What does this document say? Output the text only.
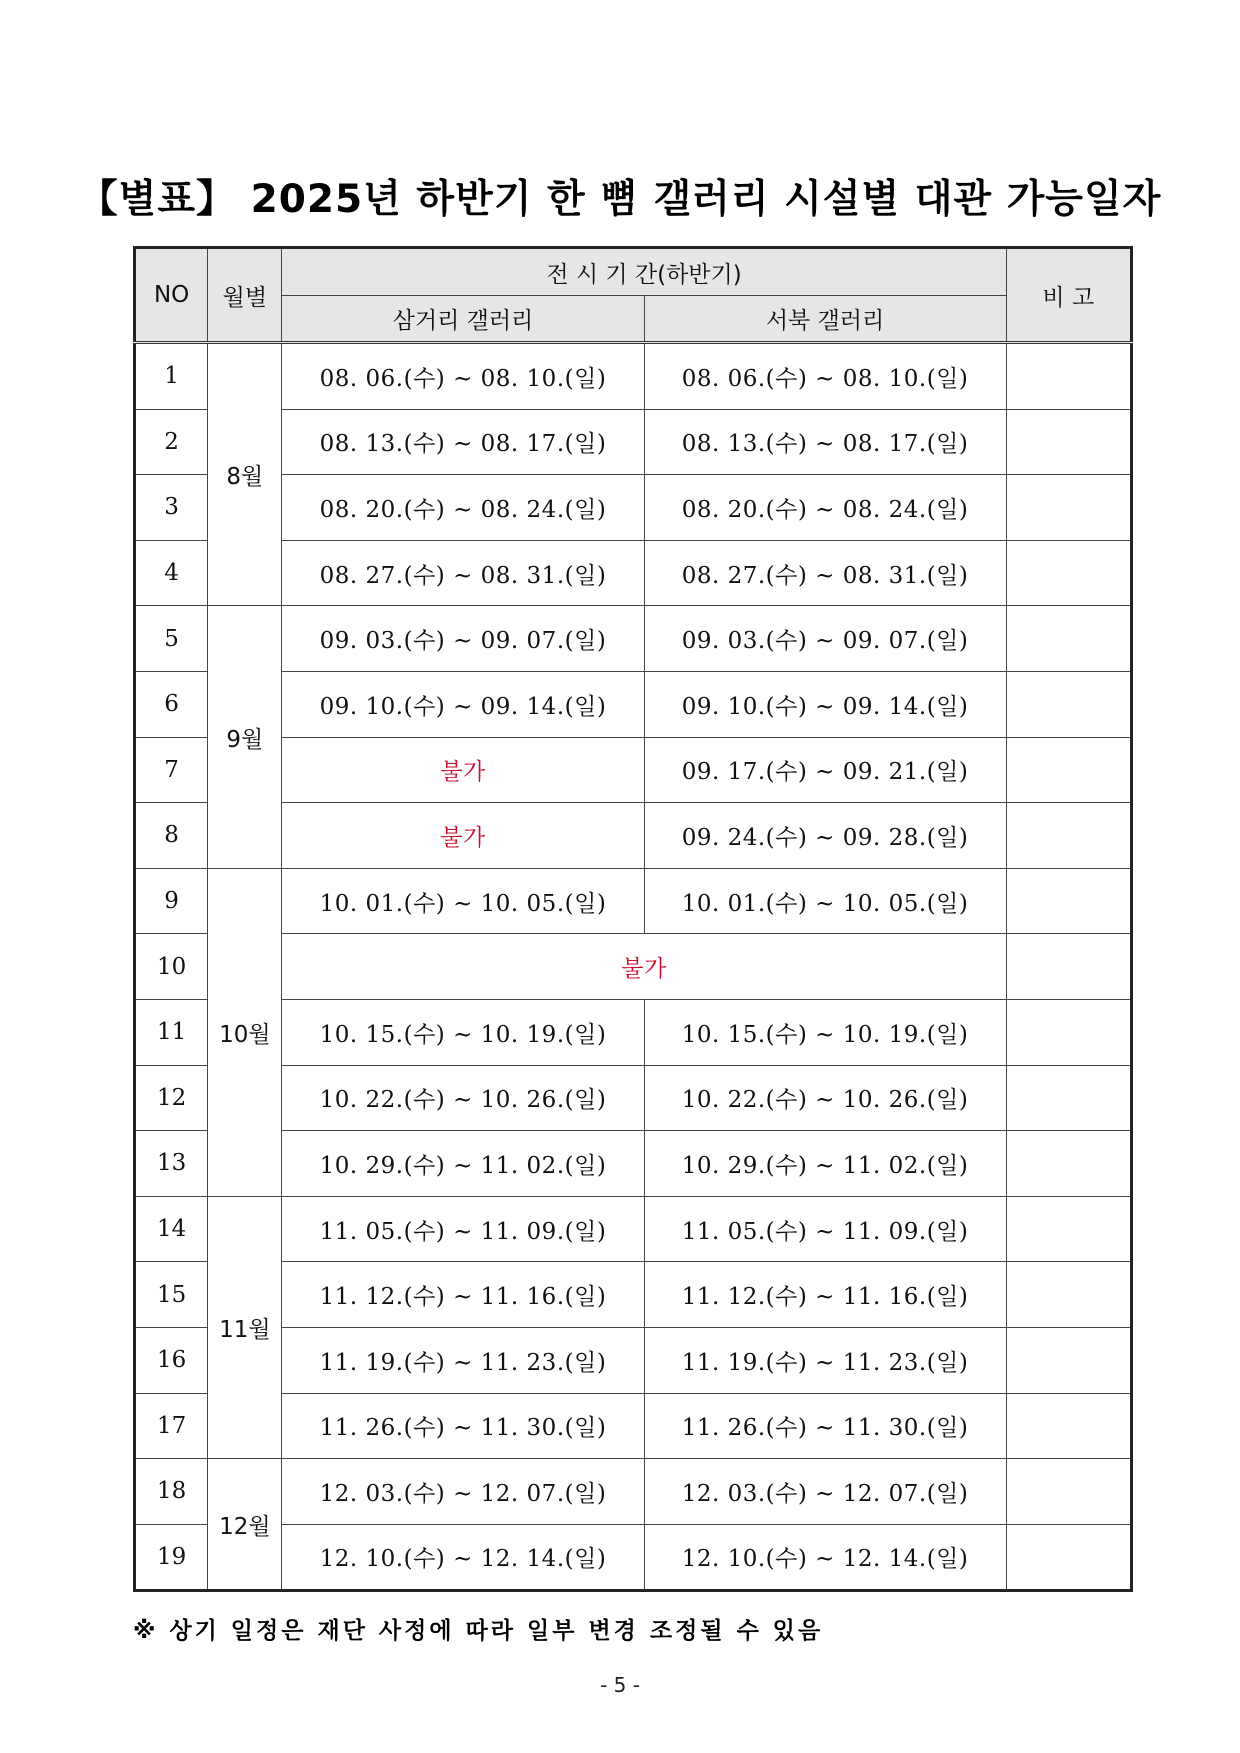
【별표】 2025년 하반기 한 뼘 갤러리 시설별 대관 가능일자
NO	월별	전 시 기 간(하반기)		비 고
		삼거리 갤러리	서북 갤러리	
1	8월	08. 06.(수) ~ 08. 10.(일)	08. 06.(수) ~ 08. 10.(일)	
2		08. 13.(수) ~ 08. 17.(일)	08. 13.(수) ~ 08. 17.(일)	
3		08. 20.(수) ~ 08. 24.(일)	08. 20.(수) ~ 08. 24.(일)	
4		08. 27.(수) ~ 08. 31.(일)	08. 27.(수) ~ 08. 31.(일)	
5	9월	09. 03.(수) ~ 09. 07.(일)	09. 03.(수) ~ 09. 07.(일)	
6		09. 10.(수) ~ 09. 14.(일)	09. 10.(수) ~ 09. 14.(일)	
7		불가	09. 17.(수) ~ 09. 21.(일)	
8		불가	09. 24.(수) ~ 09. 28.(일)	
9	10월	10. 01.(수) ~ 10. 05.(일)	10. 01.(수) ~ 10. 05.(일)	
10		불가		
11		10. 15.(수) ~ 10. 19.(일)	10. 15.(수) ~ 10. 19.(일)	
12		10. 22.(수) ~ 10. 26.(일)	10. 22.(수) ~ 10. 26.(일)	
13		10. 29.(수) ~ 11. 02.(일)	10. 29.(수) ~ 11. 02.(일)	
14	11월	11. 05.(수) ~ 11. 09.(일)	11. 05.(수) ~ 11. 09.(일)	
15		11. 12.(수) ~ 11. 16.(일)	11. 12.(수) ~ 11. 16.(일)	
16		11. 19.(수) ~ 11. 23.(일)	11. 19.(수) ~ 11. 23.(일)	
17		11. 26.(수) ~ 11. 30.(일)	11. 26.(수) ~ 11. 30.(일)	
18	12월	12. 03.(수) ~ 12. 07.(일)	12. 03.(수) ~ 12. 07.(일)	
19		12. 10.(수) ~ 12. 14.(일)	12. 10.(수) ~ 12. 14.(일)	
※ 상기 일정은 재단 사정에 따라 일부 변경 조정될 수 있음
- 5 -
